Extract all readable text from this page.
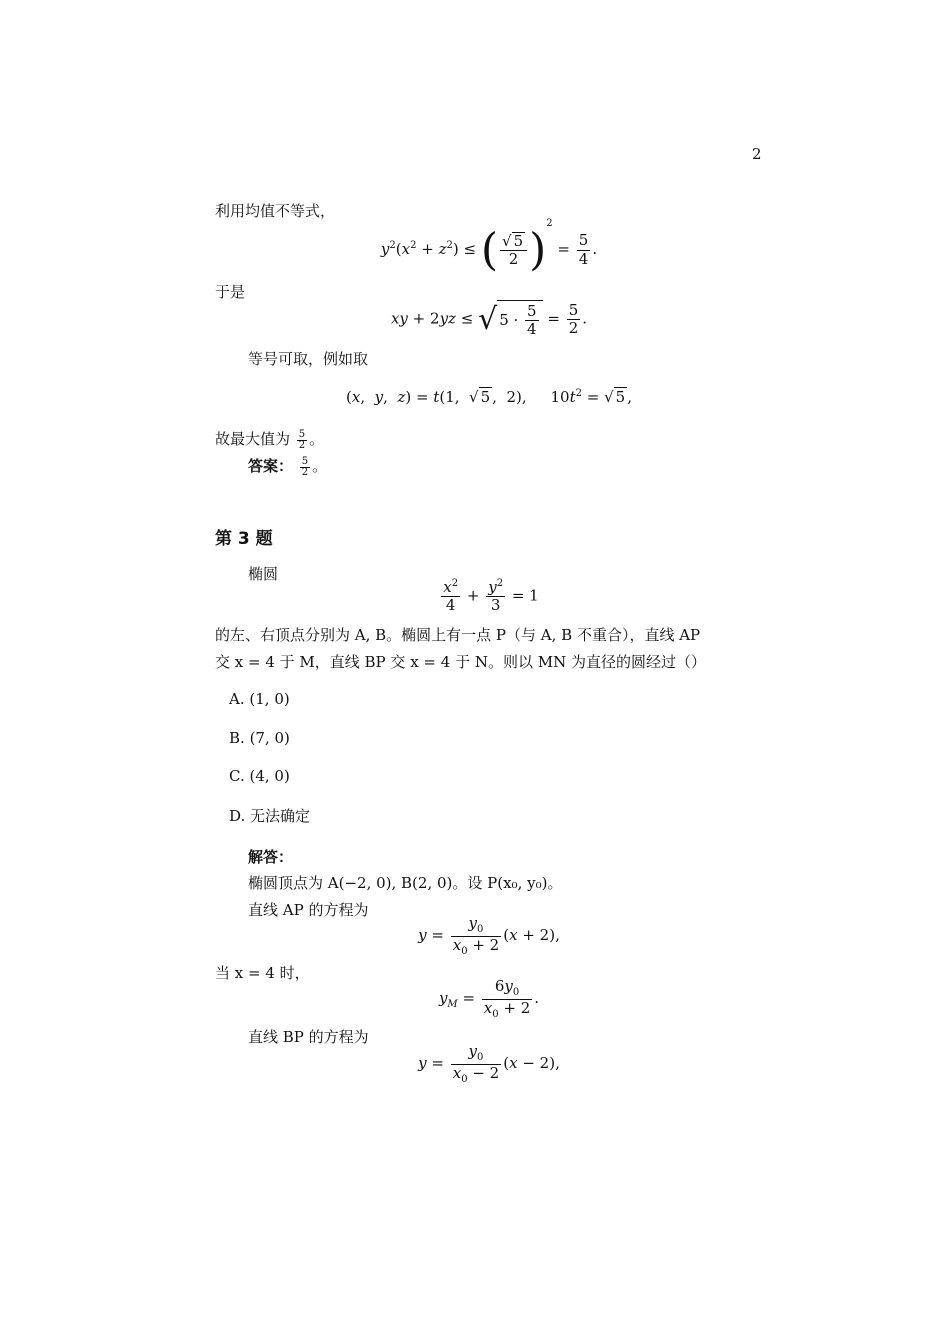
2
利用均值不等式，
$y^2(x^2 + z^2)$ ≤ ( $\frac{√ 5}{2} )^2 = \frac{5}{4}$ .
于是
xy + 2yz ≤ √ $5 \cdot \frac{5}{4} = \frac{5}{2}$ .
等号可取，例如取
(x,  y,  z) = t(1,  √ 5 ,  2),     $10t^2$ = √ 5 ,
故最大值为 $\frac{5}{2}$ 。
答案： $\frac{5}{2}$ 。
第 3 题
椭圆
$\frac{x^2}{4} + \frac{y^2}{3} = 1$
的左、右顶点分别为 A, B。椭圆上有一点 P（与 A, B 不重合），直线 AP
交 x = 4 于 M，直线 BP 交 x = 4 于 N。则以 MN 为直径的圆经过（）
A. (1, 0)
B. (7, 0)
C. (4, 0)
D. 无法确定
解答：
椭圆顶点为 A(−2, 0), B(2, 0)。设 P(x₀, y₀)。
直线 AP 的方程为
$y = \frac{y_0}{x_0 + 2} (x + 2)$,
当 x = 4 时，
$y_M = \frac{6y_0}{x_0 + 2}$ .
直线 BP 的方程为
$y = \frac{y_0}{x_0 - 2} (x - 2)$,
